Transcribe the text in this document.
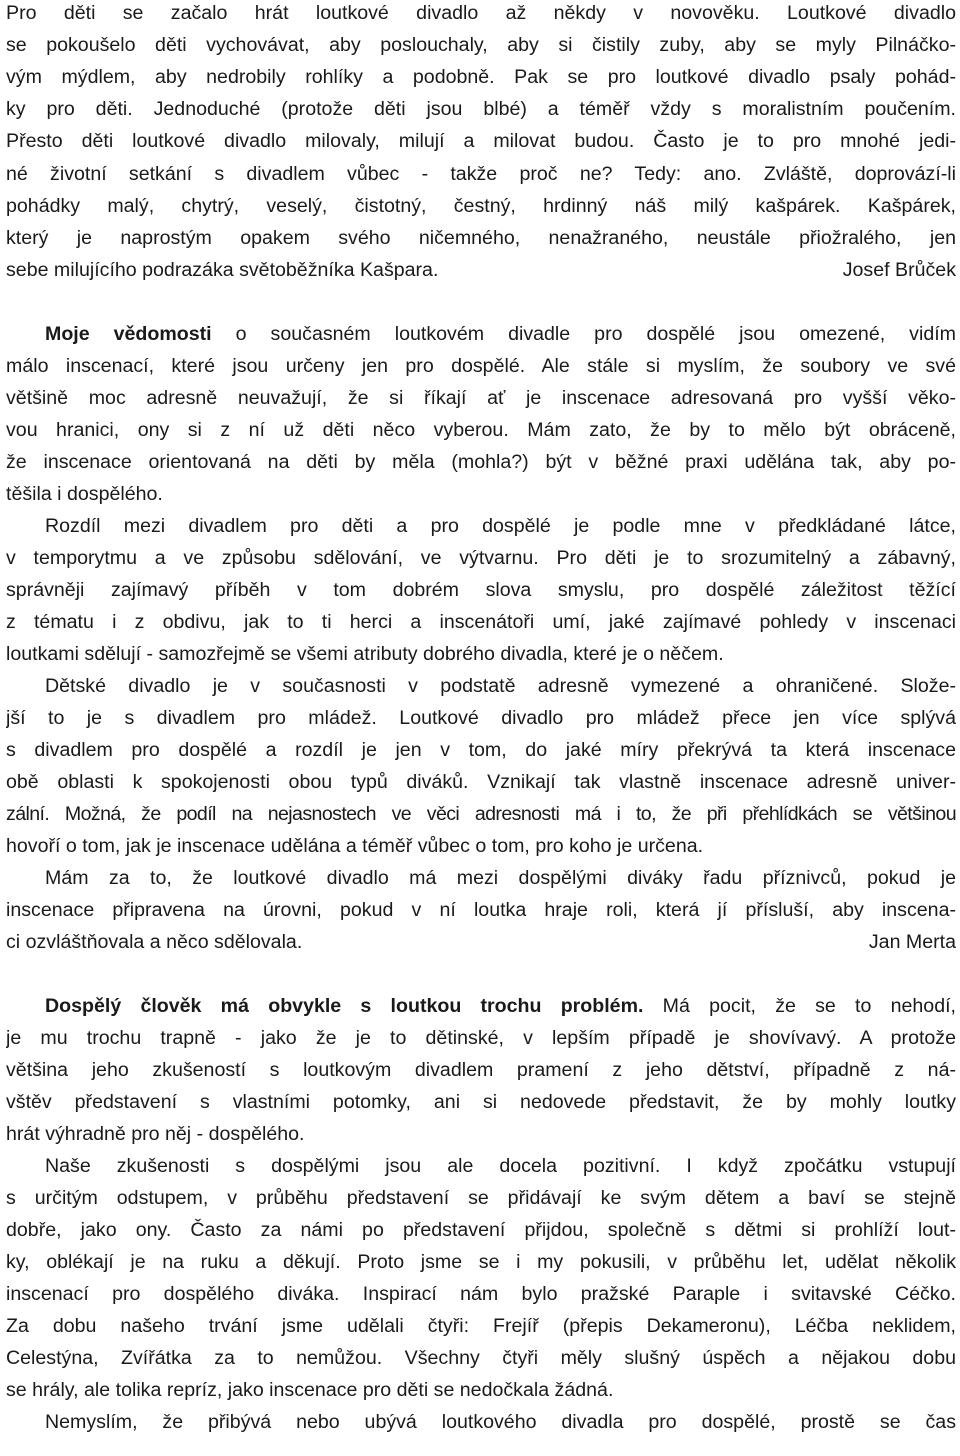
Pro děti se začalo hrát loutkové divadlo až někdy v novověku. Loutkové divadlo
se pokoušelo děti vychovávat, aby poslouchaly, aby si čistily zuby, aby se myly Pilnáčko-
vým mýdlem, aby nedrobily rohlíky a podobně. Pak se pro loutkové divadlo psaly pohád-
ky pro děti. Jednoduché (protože děti jsou blbé) a téměř vždy s moralistním poučením.
Přesto děti loutkové divadlo milovaly, milují a milovat budou. Často je to pro mnohé jedi-
né životní setkání s divadlem vůbec - takže proč ne? Tedy: ano. Zvláště, doprovází-li
pohádky malý, chytrý, veselý, čistotný, čestný, hrdinný náš milý kašpárek. Kašpárek,
který je naprostým opakem svého ničemného, nenažraného, neustále přiožralého, jen
sebe milujícího podrazáka světoběžníka Kašpara.	Josef Brůček
Moje vědomosti o současném loutkovém divadle pro dospělé jsou omezené, vidím
málo inscenací, které jsou určeny jen pro dospělé. Ale stále si myslím, že soubory ve své
většině moc adresně neuvažují, že si říkají ať je inscenace adresovaná pro vyšší věko-
vou hranici, ony si z ní už děti něco vyberou. Mám zato, že by to mělo být obráceně,
že inscenace orientovaná na děti by měla (mohla?) být v běžné praxi udělána tak, aby po-
těšila i dospělého.
Rozdíl mezi divadlem pro děti a pro dospělé je podle mne v předkládané látce,
v temporytmu a ve způsobu sdělování, ve výtvarnu. Pro děti je to srozumitelný a zábavný,
správněji zajímavý příběh v tom dobrém slova smyslu, pro dospělé záležitost těžící
z tématu i z obdivu, jak to ti herci a inscenátoři umí, jaké zajímavé pohledy v inscenaci
loutkami sdělují - samozřejmě se všemi atributy dobrého divadla, které je o něčem.
Dětské divadlo je v současnosti v podstatě adresně vymezené a ohraničené. Slože-
jší to je s divadlem pro mládež. Loutkové divadlo pro mládež přece jen více splývá
s divadlem pro dospělé a rozdíl je jen v tom, do jaké míry překrývá ta která inscenace
obě oblasti k spokojenosti obou typů diváků. Vznikají tak vlastně inscenace adresně univer-
zální. Možná, že podíl na nejasnostech ve věci adresnosti má i to, že při přehlídkách se většinou
hovoří o tom, jak je inscenace udělána a téměř vůbec o tom, pro koho je určena.
Mám za to, že loutkové divadlo má mezi dospělými diváky řadu příznivců, pokud je
inscenace připravena na úrovni, pokud v ní loutka hraje roli, která jí přísluší, aby inscena-
ci ozvláštňovala a něco sdělovala.	Jan Merta
Dospělý člověk má obvykle s loutkou trochu problém. Má pocit, že se to nehodí,
je mu trochu trapně - jako že je to dětinské, v lepším případě je shovívavý. A protože
většina jeho zkušeností s loutkovým divadlem pramení z jeho dětství, případně z ná-
vštěv představení s vlastními potomky, ani si nedovede představit, že by mohly loutky
hrát výhradně pro něj - dospělého.
Naše zkušenosti s dospělými jsou ale docela pozitivní. I když zpočátku vstupují
s určitým odstupem, v průběhu představení se přidávají ke svým dětem a baví se stejně
dobře, jako ony. Často za námi po představení přijdou, společně s dětmi si prohlíží lout-
ky, oblékají je na ruku a děkují. Proto jsme se i my pokusili, v průběhu let, udělat několik
inscenací pro dospělého diváka. Inspirací nám bylo pražské Paraple i svitavské Céčko.
Za dobu našeho trvání jsme udělali čtyři: Frejíř (přepis Dekameronu), Léčba neklidem,
Celestýna, Zvířátka za to nemůžou. Všechny čtyři měly slušný úspěch a nějakou dobu
se hrály, ale tolika repríz, jako inscenace pro děti se nedočkala žádná.
Nemyslím, že přibývá nebo ubývá loutkového divadla pro dospělé, prostě se čas
